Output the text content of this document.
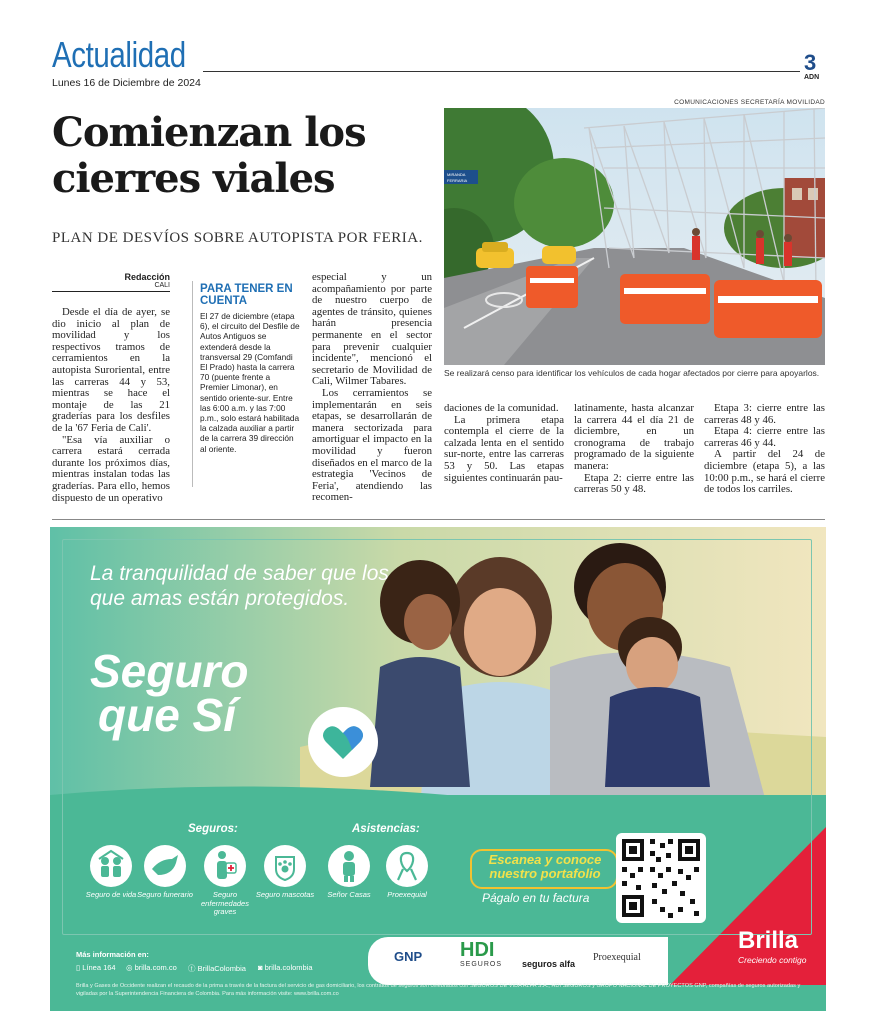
Actualidad	3
ADN
Lunes 16 de Diciembre de 2024
Comienzan los cierres viales
PLAN DE DESVÍOS SOBRE AUTOPISTA POR FERIA.
COMUNICACIONES SECRETARÍA MOVILIDAD
MIRANDA
FERRARIA
Se realizará censo para identificar los vehículos de cada hogar afectados por cierre para apoyarlos.
Redacción
CALI

Desde el día de ayer, se dio inicio al plan de movilidad y los respectivos tramos de cerramientos en la autopista Suroriental, entre las carreras 44 y 53, mientras se hace el montaje de las 21 graderías para los desfiles de la '67 Feria de Cali'.

"Esa vía auxiliar o carrera estará cerrada durante los próximos días, mientras instalan todas las graderías. Para ello, hemos dispuesto de un operativo

PARA TENER EN CUENTA
El 27 de diciembre (etapa 6), el circuito del Desfile de Autos Antiguos se extenderá desde la transversal 29 (Comfandi El Prado) hasta la carrera 70 (puente frente a Premier Limonar), en sentido oriente-sur. Entre las 6:00 a.m. y las 7:00 p.m., solo estará habilitada la calzada auxiliar a partir de la carrera 39 dirección al oriente.

especial y un acompañamiento por parte de nuestro cuerpo de agentes de tránsito, quienes harán presencia permanente en el sector para prevenir cualquier incidente", mencionó el secretario de Movilidad de Cali, Wilmer Tabares.

Los cerramientos se implementarán en seis etapas, se desarrollarán de manera sectorizada para amortiguar el impacto en la movilidad y fueron diseñados en el marco de la estrategia 'Vecinos de Feria', atendiendo las recomen-

daciones de la comunidad.

La primera etapa contempla el cierre de la calzada lenta en el sentido sur-norte, entre las carreras 53 y 50. Las etapas siguientes continuarán pau-

latinamente, hasta alcanzar la carrera 44 el día 21 de diciembre, en un cronograma de trabajo programado de la siguiente manera:

Etapa 2: cierre entre las carreras 50 y 48.

Etapa 3: cierre entre las carreras 48 y 46.

Etapa 4: cierre entre las carreras 46 y 44.

A partir del 24 de diciembre (etapa 5), a las 10:00 p.m., se hará el cierre de todos los carriles.

La tranquilidad de saber que los que amas están protegidos.
Seguro
que Sí
Seguros:	Asistencias:
Seguro de vida Seguro funerario	Seguro enfermedades graves
Seguro mascotas	Señor Casas	Proexequial
Escanea y conoce nuestro portafolio
Págalo en tu factura
Más información en:
▯ Línea 164 ◎ brilla.com.co ⓕ BrillaColombia ◙ brilla.colombia
GNP HDI
SEGUROS seguros alfa
Proexequial
Brilla
Creciendo contigo
Brilla y Gases de Occidente realizan el recaudo de la prima a través de la factura del servicio de gas domiciliario, los contratos de seguros son celebrados con SEGUROS DE VIDA ALFA S.A., HDI SEGUROS y GRUPO NACIONAL DE PROYECTOS GNP, compañías de seguros autorizadas y vigiladas por la Superintendencia Financiera de Colombia. Para más información visite: www.brilla.com.co
